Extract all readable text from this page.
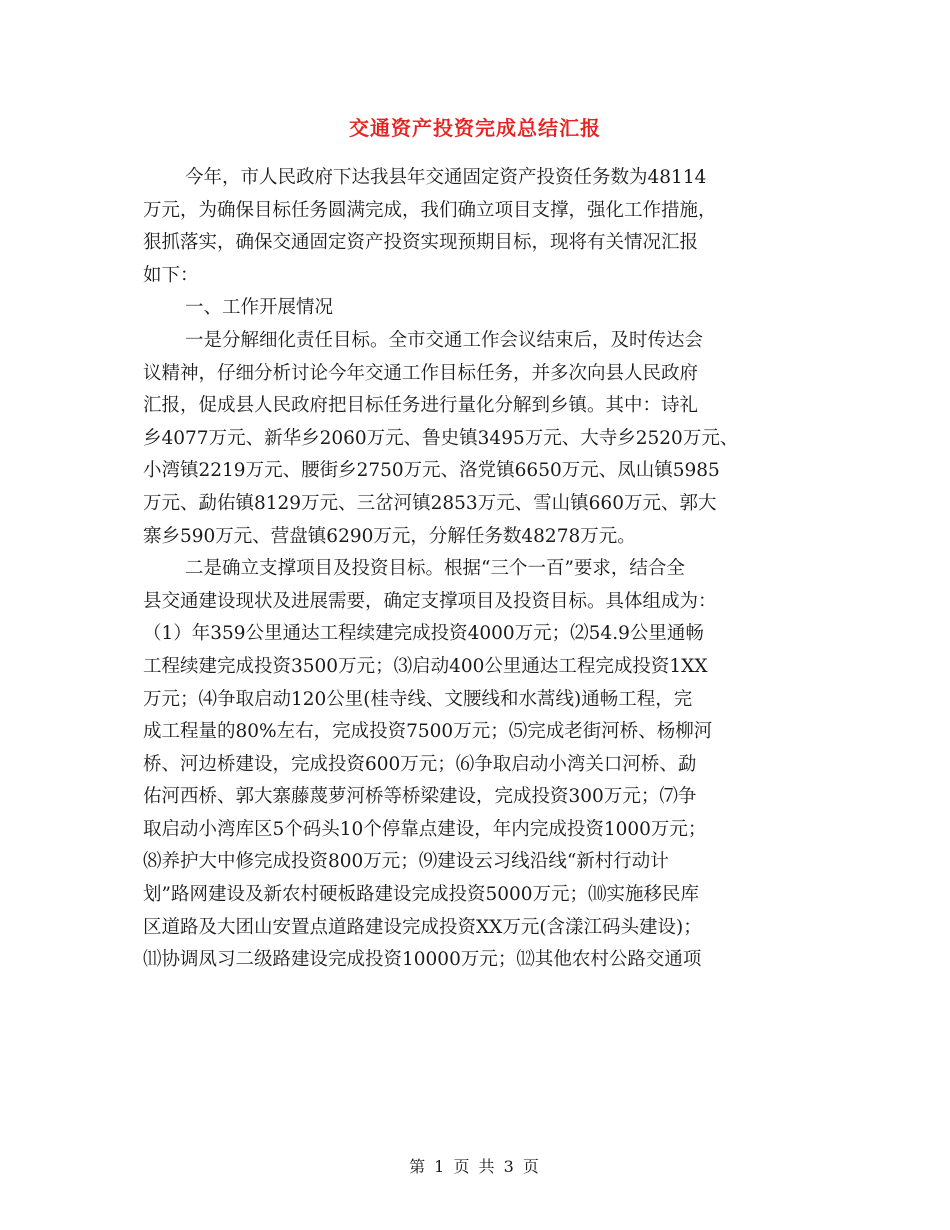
交通资产投资完成总结汇报
今年，市人民政府下达我县年交通固定资产投资任务数为48114
万元，为确保目标任务圆满完成，我们确立项目支撑，强化工作措施，
狠抓落实，确保交通固定资产投资实现预期目标，现将有关情况汇报
如下：
一、工作开展情况
一是分解细化责任目标。全市交通工作会议结束后，及时传达会
议精神，仔细分析讨论今年交通工作目标任务，并多次向县人民政府
汇报，促成县人民政府把目标任务进行量化分解到乡镇。其中：诗礼
乡4077万元、新华乡2060万元、鲁史镇3495万元、大寺乡2520万元、
小湾镇2219万元、腰街乡2750万元、洛党镇6650万元、凤山镇5985
万元、勐佑镇8129万元、三岔河镇2853万元、雪山镇660万元、郭大
寨乡590万元、营盘镇6290万元，分解任务数48278万元。
二是确立支撑项目及投资目标。根据“三个一百”要求，结合全
县交通建设现状及进展需要，确定支撑项目及投资目标。具体组成为：
（1）年359公里通达工程续建完成投资4000万元；⑵54.9公里通畅
工程续建完成投资3500万元；⑶启动400公里通达工程完成投资1XX
万元；⑷争取启动120公里(桂寺线、文腰线和水蒿线)通畅工程，完
成工程量的80%左右，完成投资7500万元；⑸完成老街河桥、杨柳河
桥、河边桥建设，完成投资600万元；⑹争取启动小湾关口河桥、勐
佑河西桥、郭大寨藤蔑萝河桥等桥梁建设，完成投资300万元；⑺争
取启动小湾库区5个码头10个停靠点建设，年内完成投资1000万元；
⑻养护大中修完成投资800万元；⑼建设云习线沿线“新村行动计
划”路网建设及新农村硬板路建设完成投资5000万元；⑽实施移民库
区道路及大团山安置点道路建设完成投资XX万元(含漾江码头建设)；
⑾协调凤习二级路建设完成投资10000万元；⑿其他农村公路交通项
第 1 页 共 3 页
